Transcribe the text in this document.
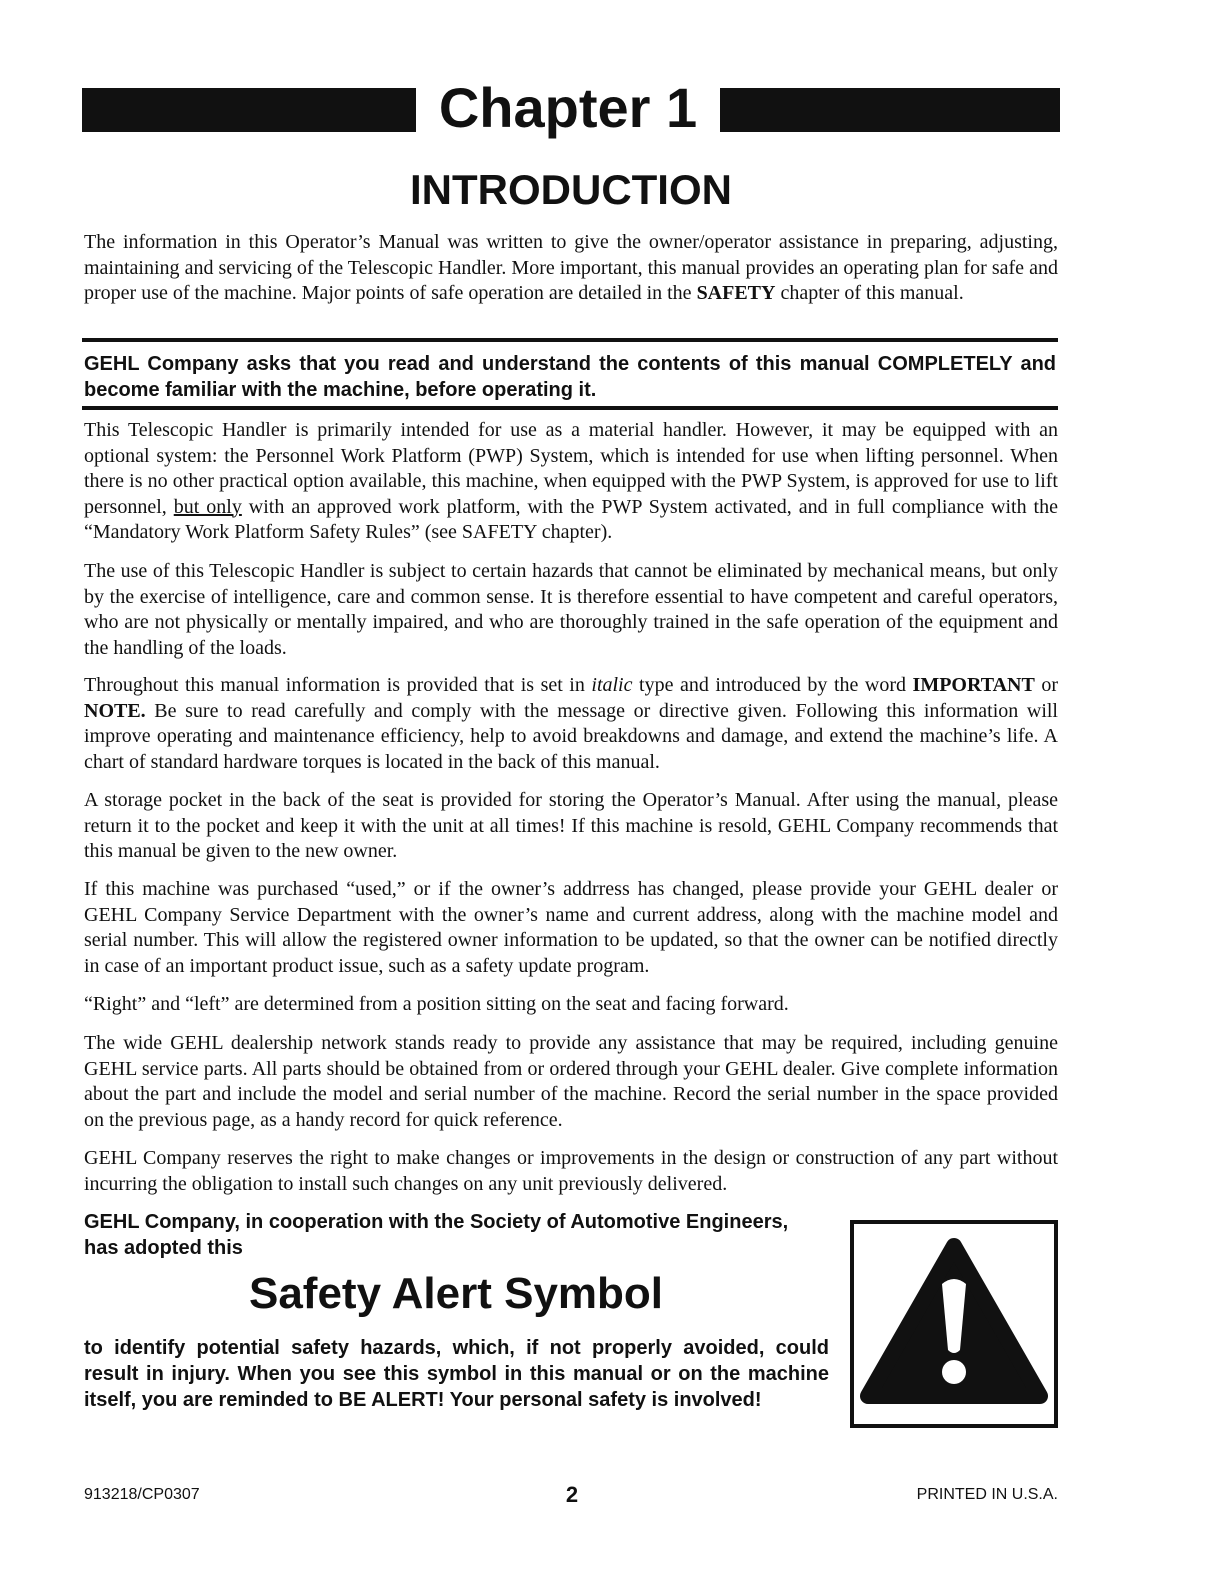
Chapter 1
INTRODUCTION

The information in this Operator’s Manual was written to give the owner/operator assistance in preparing, adjusting, maintaining and servicing of the Telescopic Handler. More important, this manual provides an operating plan for safe and proper use of the machine. Major points of safe operation are detailed in the SAFETY chapter of this manual.

GEHL Company asks that you read and understand the contents of this manual COMPLETELY and become familiar with the machine, before operating it.

This Telescopic Handler is primarily intended for use as a material handler. However, it may be equipped with an optional system: the Personnel Work Platform (PWP) System, which is intended for use when lifting personnel. When there is no other practical option available, this machine, when equipped with the PWP System, is approved for use to lift personnel, but only with an approved work platform, with the PWP System activated, and in full compliance with the “Mandatory Work Platform Safety Rules” (see SAFETY chapter).

The use of this Telescopic Handler is subject to certain hazards that cannot be eliminated by mechanical means, but only by the exercise of intelligence, care and common sense. It is therefore essential to have competent and careful operators, who are not physically or mentally impaired, and who are thoroughly trained in the safe operation of the equipment and the handling of the loads.

Throughout this manual information is provided that is set in italic type and introduced by the word IMPORTANT or NOTE. Be sure to read carefully and comply with the message or directive given. Following this information will improve operating and maintenance efficiency, help to avoid breakdowns and damage, and extend the machine’s life. A chart of standard hardware torques is located in the back of this manual.

A storage pocket in the back of the seat is provided for storing the Operator’s Manual. After using the manual, please return it to the pocket and keep it with the unit at all times! If this machine is resold, GEHL Company recommends that this manual be given to the new owner.

If this machine was purchased “used,” or if the owner’s addrress has changed, please provide your GEHL dealer or GEHL Company Service Department with the owner’s name and current address, along with the machine model and serial number. This will allow the registered owner information to be updated, so that the owner can be notified directly in case of an important product issue, such as a safety update program.

“Right” and “left” are determined from a position sitting on the seat and facing forward.

The wide GEHL dealership network stands ready to provide any assistance that may be required, including genuine GEHL service parts. All parts should be obtained from or ordered through your GEHL dealer. Give complete information about the part and include the model and serial number of the machine. Record the serial number in the space provided on the previous page, as a handy record for quick reference.

GEHL Company reserves the right to make changes or improvements in the design or construction of any part without incurring the obligation to install such changes on any unit previously delivered.

GEHL Company, in cooperation with the Society of Automotive Engineers, has adopted this

Safety Alert Symbol

to identify potential safety hazards, which, if not properly avoided, could result in injury. When you see this symbol in this manual or on the machine itself, you are reminded to BE ALERT! Your personal safety is involved!

913218/CP0307	2	PRINTED IN U.S.A.
